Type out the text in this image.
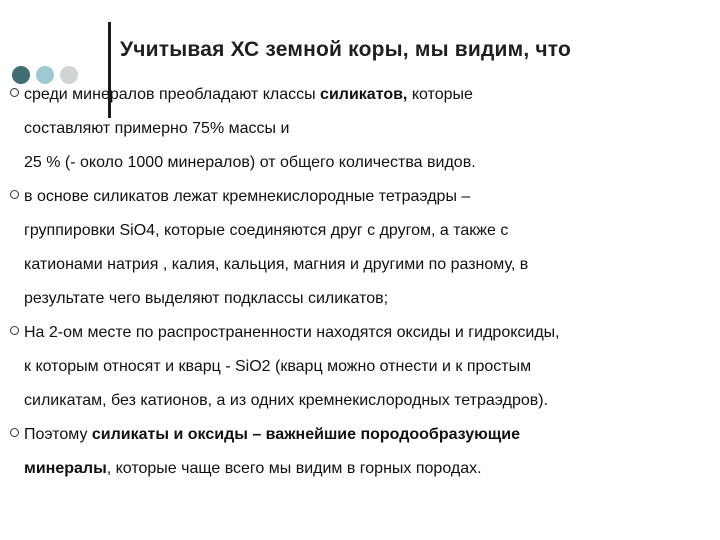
Учитывая ХС земной коры, мы видим, что
среди минералов преобладают классы силикатов, которые
составляют примерно 75% массы и
25 % (- около 1000 минералов) от общего количества видов.
в основе силикатов лежат кремнекислородные тетраэдры –
группировки SiO4, которые соединяются друг с другом, а также с
катионами натрия , калия, кальция, магния и другими по разному, в
результате чего выделяют подклассы силикатов;
На 2-ом месте по распространенности находятся оксиды и гидроксиды,
к которым относят и кварц - SiO2 (кварц можно отнести и к простым
силикатам, без катионов, а из одних кремнекислородных тетраэдров).
Поэтому силикаты и оксиды – важнейшие породообразующие
минералы, которые чаще всего мы видим в горных породах.
